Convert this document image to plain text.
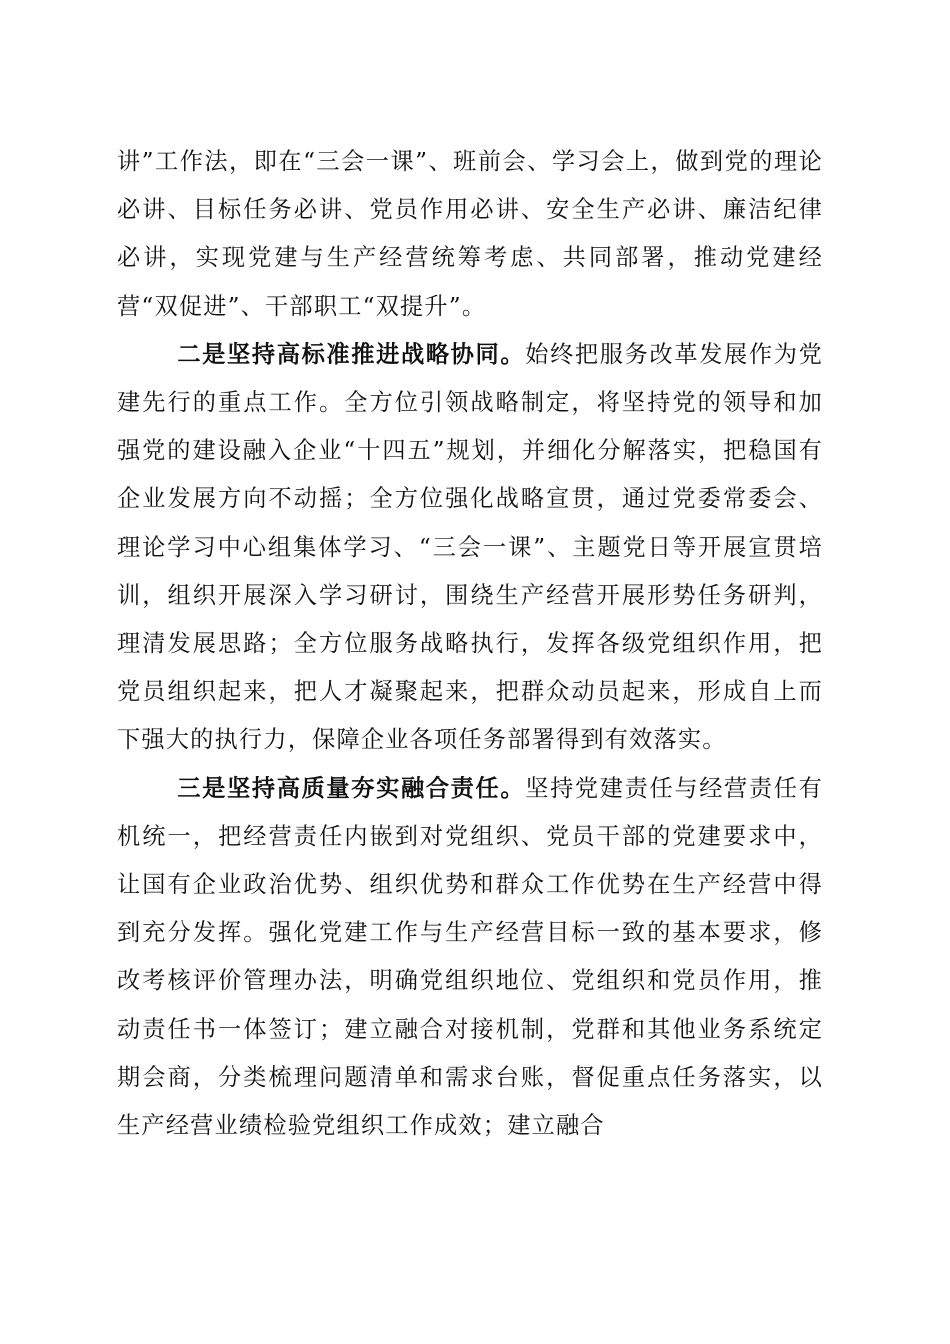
讲”工作法，即在“三会一课”、班前会、学习会上，做到党的理论必讲、目标任务必讲、党员作用必讲、安全生产必讲、廉洁纪律必讲，实现党建与生产经营统筹考虑、共同部署，推动党建经营“双促进”、干部职工“双提升”。

二是坚持高标准推进战略协同。始终把服务改革发展作为党建先行的重点工作。全方位引领战略制定，将坚持党的领导和加强党的建设融入企业“十四五”规划，并细化分解落实，把稳国有企业发展方向不动摇；全方位强化战略宣贯，通过党委常委会、理论学习中心组集体学习、“三会一课”、主题党日等开展宣贯培训，组织开展深入学习研讨，围绕生产经营开展形势任务研判，理清发展思路；全方位服务战略执行，发挥各级党组织作用，把党员组织起来，把人才凝聚起来，把群众动员起来，形成自上而下强大的执行力，保障企业各项任务部署得到有效落实。

三是坚持高质量夯实融合责任。坚持党建责任与经营责任有机统一，把经营责任内嵌到对党组织、党员干部的党建要求中，让国有企业政治优势、组织优势和群众工作优势在生产经营中得到充分发挥。强化党建工作与生产经营目标一致的基本要求，修改考核评价管理办法，明确党组织地位、党组织和党员作用，推动责任书一体签订；建立融合对接机制，党群和其他业务系统定期会商，分类梳理问题清单和需求台账，督促重点任务落实，以生产经营业绩检验党组织工作成效；建立融合
